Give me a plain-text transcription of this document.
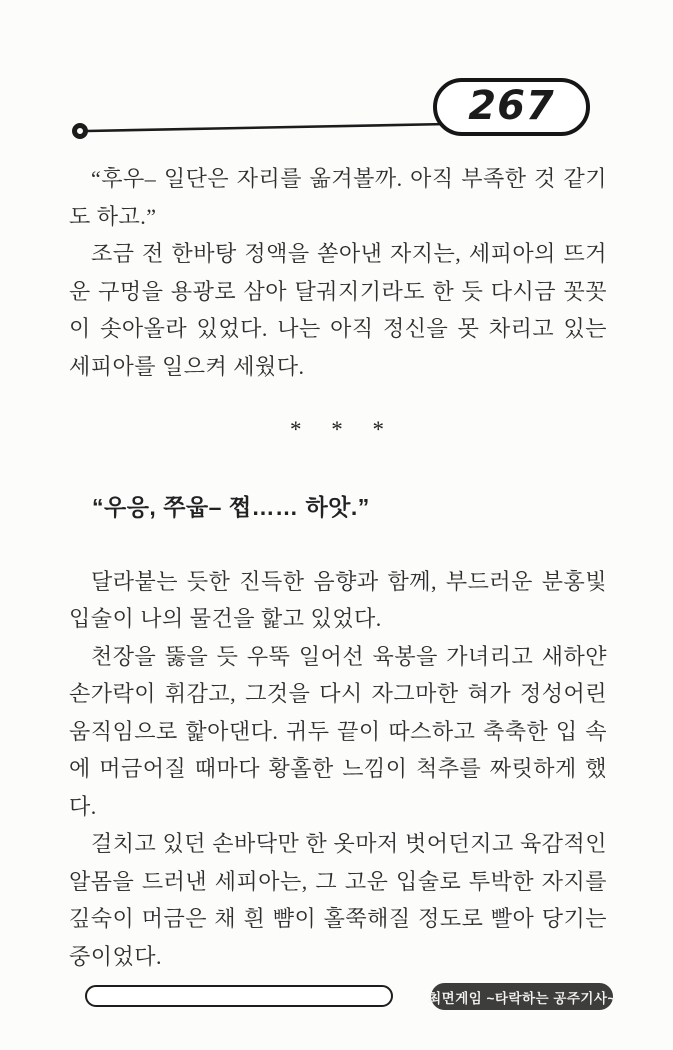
267

“후우– 일단은 자리를 옮겨볼까. 아직 부족한 것 같기도 하고.”

조금 전 한바탕 정액을 쏟아낸 자지는, 세피아의 뜨거운 구멍을 용광로 삼아 달궈지기라도 한 듯 다시금 꼿꼿이 솟아올라 있었다. 나는 아직 정신을 못 차리고 있는 세피아를 일으켜 세웠다.

* * *

“우응, 쭈웁– 쩝…… 하앗.”

달라붙는 듯한 진득한 음향과 함께, 부드러운 분홍빛 입술이 나의 물건을 핥고 있었다.

천장을 뚫을 듯 우뚝 일어선 육봉을 가녀리고 새하얀 손가락이 휘감고, 그것을 다시 자그마한 혀가 정성어린 움직임으로 핥아댄다. 귀두 끝이 따스하고 축축한 입 속에 머금어질 때마다 황홀한 느낌이 척추를 짜릿하게 했다.

걸치고 있던 손바닥만 한 옷마저 벗어던지고 육감적인 알몸을 드러낸 세피아는, 그 고운 입술로 투박한 자지를 깊숙이 머금은 채 흰 뺨이 홀쭉해질 정도로 빨아 당기는 중이었다.

최면게임 ~타락하는 공주기사~
